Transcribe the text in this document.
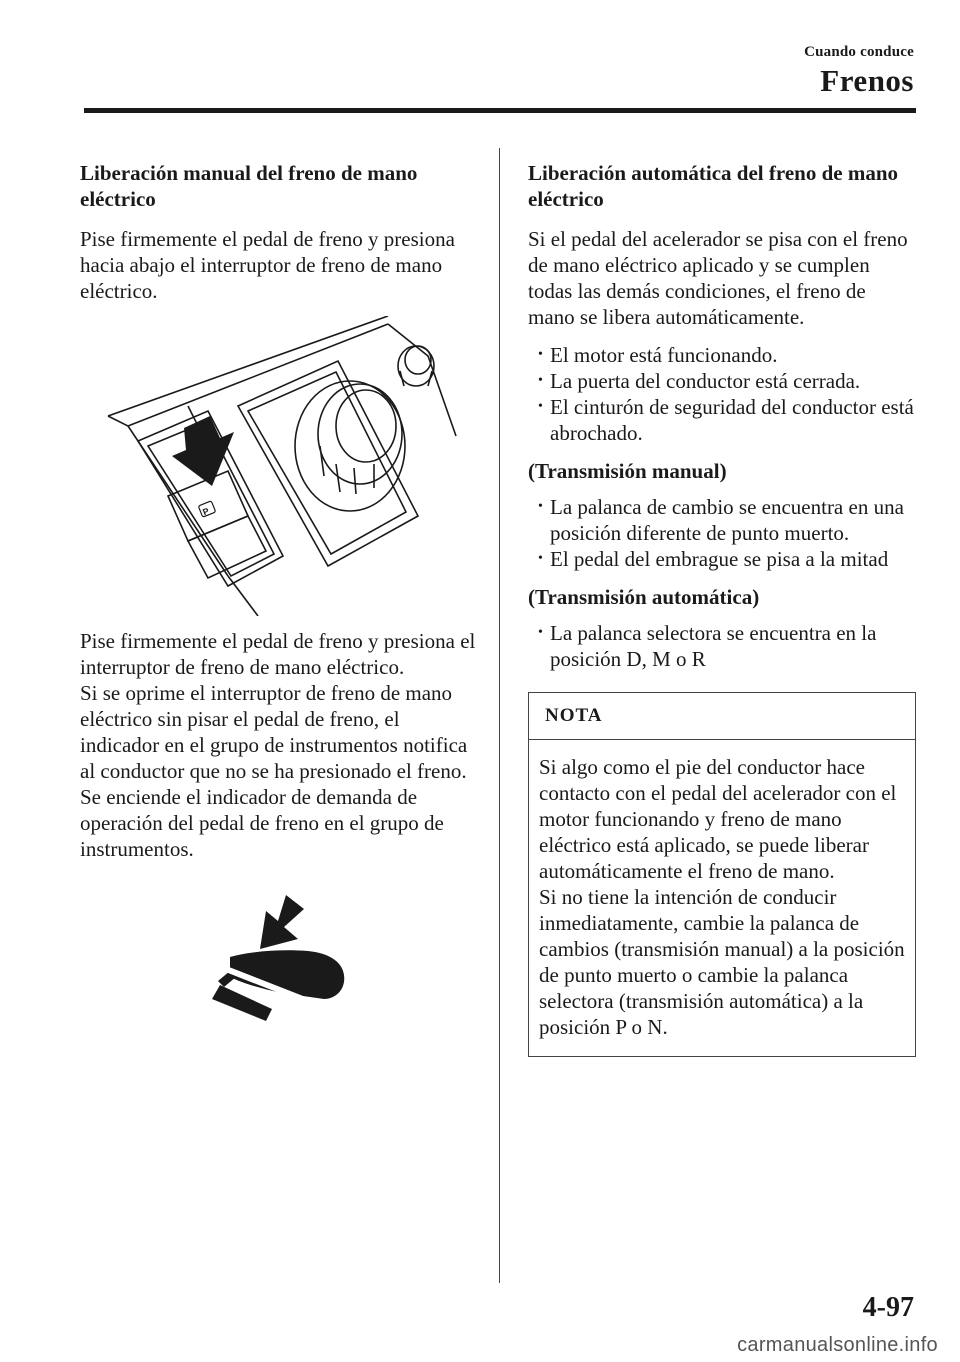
Cuando conduce
Frenos
Liberación manual del freno de mano eléctrico

Pise firmemente el pedal de freno y presiona hacia abajo el interruptor de freno de mano eléctrico.

P

Pise firmemente el pedal de freno y presiona el interruptor de freno de mano eléctrico.

Si se oprime el interruptor de freno de mano eléctrico sin pisar el pedal de freno, el indicador en el grupo de instrumentos notifica al conductor que no se ha presionado el freno.

Se enciende el indicador de demanda de operación del pedal de freno en el grupo de instrumentos.

Liberación automática del freno de mano eléctrico

Si el pedal del acelerador se pisa con el freno de mano eléctrico aplicado y se cumplen todas las demás condiciones, el freno de mano se libera automáticamente.

• El motor está funcionando.
• La puerta del conductor está cerrada.
• El cinturón de seguridad del conductor está abrochado.
(Transmisión manual)
• La palanca de cambio se encuentra en una posición diferente de punto muerto.
• El pedal del embrague se pisa a la mitad
(Transmisión automática)
• La palanca selectora se encuentra en la posición D, M o R
NOTA
Si algo como el pie del conductor hace contacto con el pedal del acelerador con el motor funcionando y freno de mano eléctrico está aplicado, se puede liberar automáticamente el freno de mano.
Si no tiene la intención de conducir inmediatamente, cambie la palanca de cambios (transmisión manual) a la posición de punto muerto o cambie la palanca selectora (transmisión automática) a la posición P o N.
4-97
carmanualsonline.info
